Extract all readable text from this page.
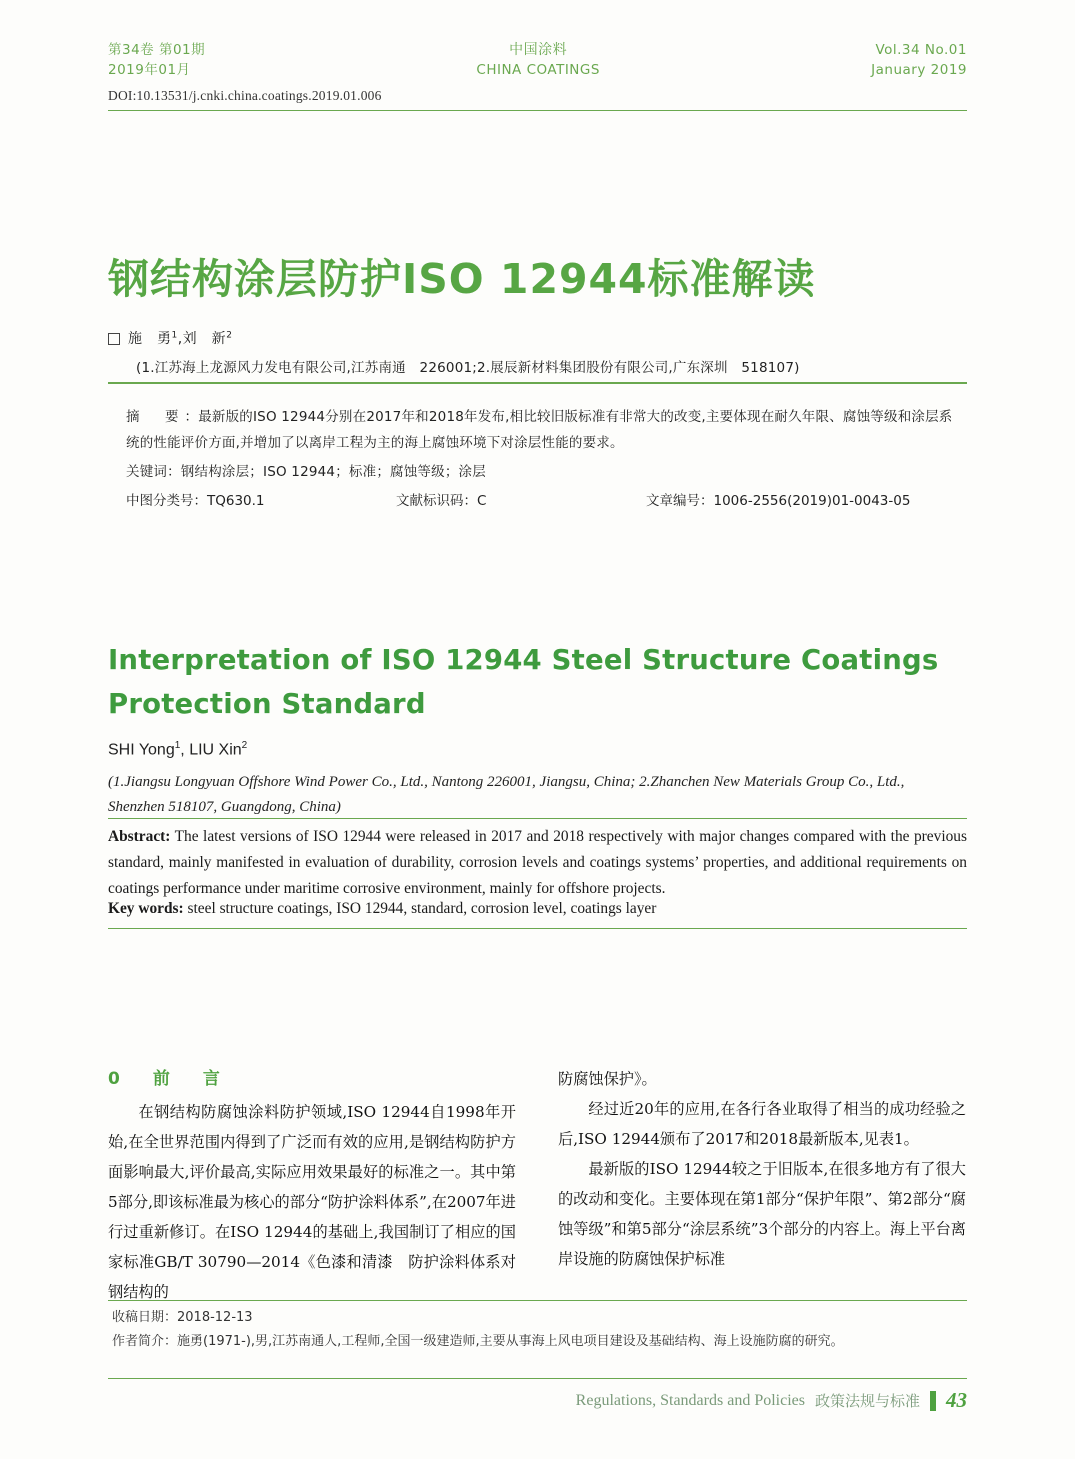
第34卷 第01期
2019年01月
中国涂料
CHINA COATINGS
Vol.34 No.01
January 2019
DOI:10.13531/j.cnki.china.coatings.2019.01.006
钢结构涂层防护ISO 12944标准解读
施　勇$^1$,刘　新$^2$
(1.江苏海上龙源风力发电有限公司,江苏南通　226001;2.展辰新材料集团股份有限公司,广东深圳　518107)
摘　要：最新版的ISO 12944分别在2017年和2018年发布,相比较旧版标准有非常大的改变,主要体现在耐久年限、腐蚀等级和涂层系统的性能评价方面,并增加了以离岸工程为主的海上腐蚀环境下对涂层性能的要求。
关键词：钢结构涂层；ISO 12944；标准；腐蚀等级；涂层
中图分类号：TQ630.1	文献标识码：C	文章编号：1006-2556(2019)01-0043-05
Interpretation of ISO 12944 Steel Structure Coatings Protection Standard
SHI Yong$^1$, LIU Xin$^2$
(1.Jiangsu Longyuan Offshore Wind Power Co., Ltd., Nantong 226001, Jiangsu, China; 2.Zhanchen New Materials Group Co., Ltd., Shenzhen 518107, Guangdong, China)
Abstract: The latest versions of ISO 12944 were released in 2017 and 2018 respectively with major changes compared with the previous standard, mainly manifested in evaluation of durability, corrosion levels and coatings systems’ properties, and additional requirements on coatings performance under maritime corrosive environment, mainly for offshore projects.
Key words: steel structure coatings, ISO 12944, standard, corrosion level, coatings layer
0　前　言

在钢结构防腐蚀涂料防护领域,ISO 12944自1998年开始,在全世界范围内得到了广泛而有效的应用,是钢结构防护方面影响最大,评价最高,实际应用效果最好的标准之一。其中第5部分,即该标准最为核心的部分“防护涂料体系”,在2007年进行过重新修订。在ISO 12944的基础上,我国制订了相应的国家标准GB/T 30790—2014《色漆和清漆　防护涂料体系对钢结构的

防腐蚀保护》。

经过近20年的应用,在各行各业取得了相当的成功经验之后,ISO 12944颁布了2017和2018最新版本,见表1。

最新版的ISO 12944较之于旧版本,在很多地方有了很大的改动和变化。主要体现在第1部分“保护年限”、第2部分“腐蚀等级”和第5部分“涂层系统”3个部分的内容上。海上平台离岸设施的防腐蚀保护标准

收稿日期：2018-12-13
作者简介：施勇(1971-),男,江苏南通人,工程师,全国一级建造师,主要从事海上风电项目建设及基础结构、海上设施防腐的研究。
Regulations, Standards and Policies 政策法规与标准 43
